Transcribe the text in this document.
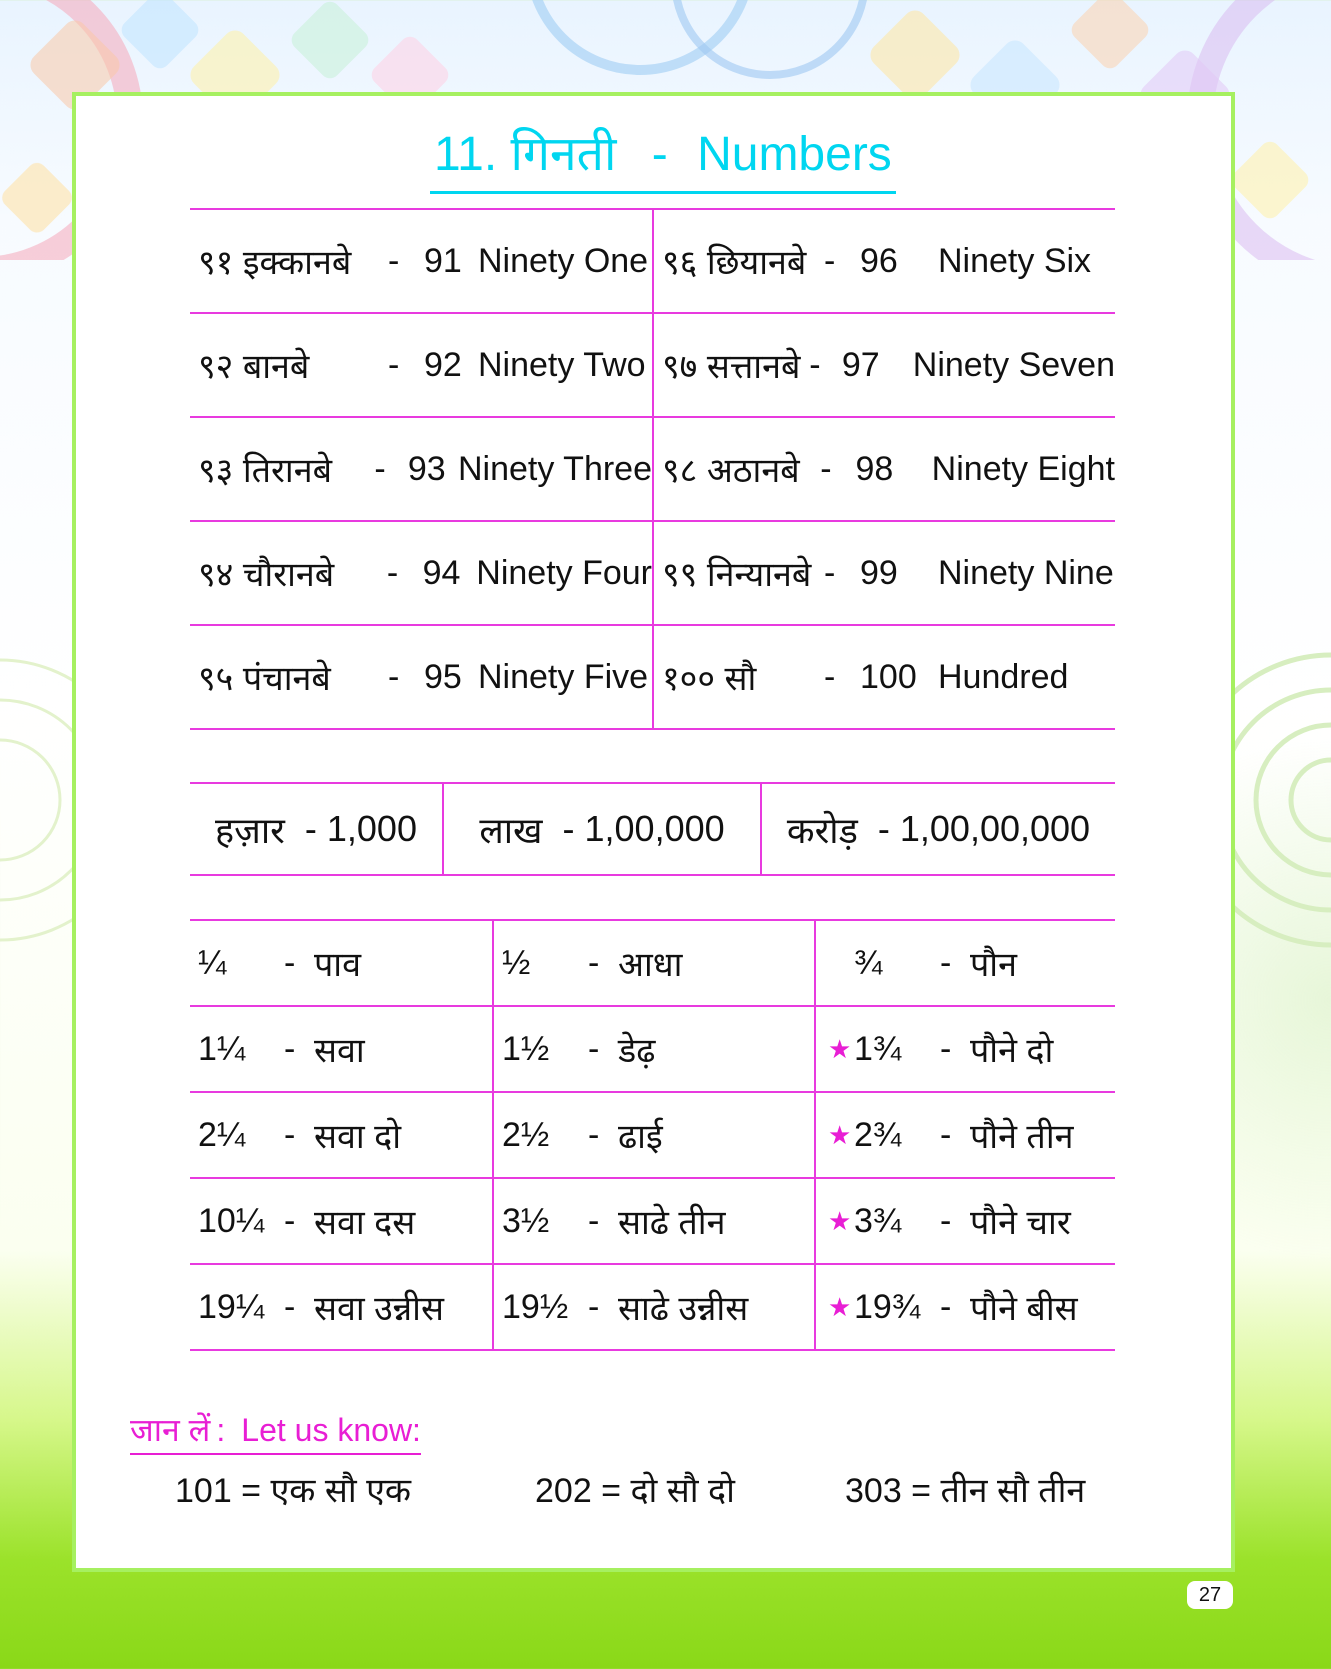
11. गिनती - Numbers
९१ इक्कानबे	- 91 Ninety One ९६ छियानबे - 96	Ninety Six
९२ बानबे	- 92 Ninety Two ९७ सत्तानबे - 97 Ninety Seven
९३ तिरानबे	- 93 Ninety Three ९८ अठानबे - 98	Ninety Eight
९४ चौरानबे	- 94 Ninety Four ९९ निन्यानबे - 99	Ninety Nine
९५ पंचानबे	- 95 Ninety Five १०० सौ	- 100 Hundred
हज़ार - 1,000 लाख - 1,00,000 करोड़ - 1,00,00,000
¼	- पाव	½	- आधा	¾	- पौन
1¼	- सवा	1½	- डेढ़	★ 1¾	- पौने दो
2¼	- सवा दो	2½	- ढाई	★ 2¾	- पौने तीन
10¼ - सवा दस	3½	- साढे तीन	★ 3¾	- पौने चार
19¼ - सवा उन्नीस 19½ - साढे उन्नीस	★ 19¾ - पौने बीस
जान लें : Let us know:
101 = एक सौ एक	202 = दो सौ दो	303 = तीन सौ तीन
27
